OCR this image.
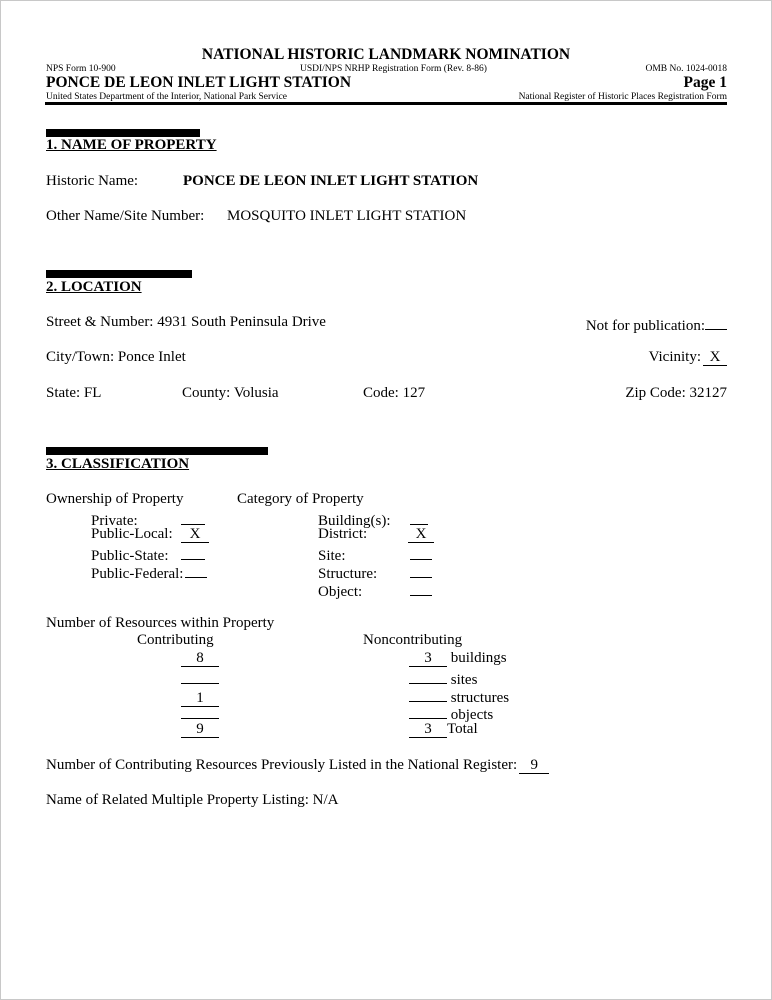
NATIONAL HISTORIC LANDMARK NOMINATION
NPS Form 10-900	USDI/NPS NRHP Registration Form (Rev. 8-86)	OMB No. 1024-0018
PONCE DE LEON INLET LIGHT STATION	Page 1
United States Department of the Interior, National Park Service	National Register of Historic Places Registration Form
1. NAME OF PROPERTY
Historic Name:	PONCE DE LEON INLET LIGHT STATION
Other Name/Site Number: MOSQUITO INLET LIGHT STATION
2. LOCATION
Street & Number: 4931 South Peninsula Drive	Not for publication:
City/Town: Ponce Inlet	Vicinity: X
State: FL	County: Volusia	Code: 127	Zip Code: 32127
3. CLASSIFICATION
Ownership of Property	Category of Property
Private:
Public-Local: X
Public-State:
Public-Federal:
Building(s):
District:	X
Site:
Structure:
Object:
Number of Resources within Property
Contributing	Noncontributing
8	3 buildings
sites
1	structures
objects
9	3 Total
Number of Contributing Resources Previously Listed in the National Register: 9
Name of Related Multiple Property Listing: N/A
